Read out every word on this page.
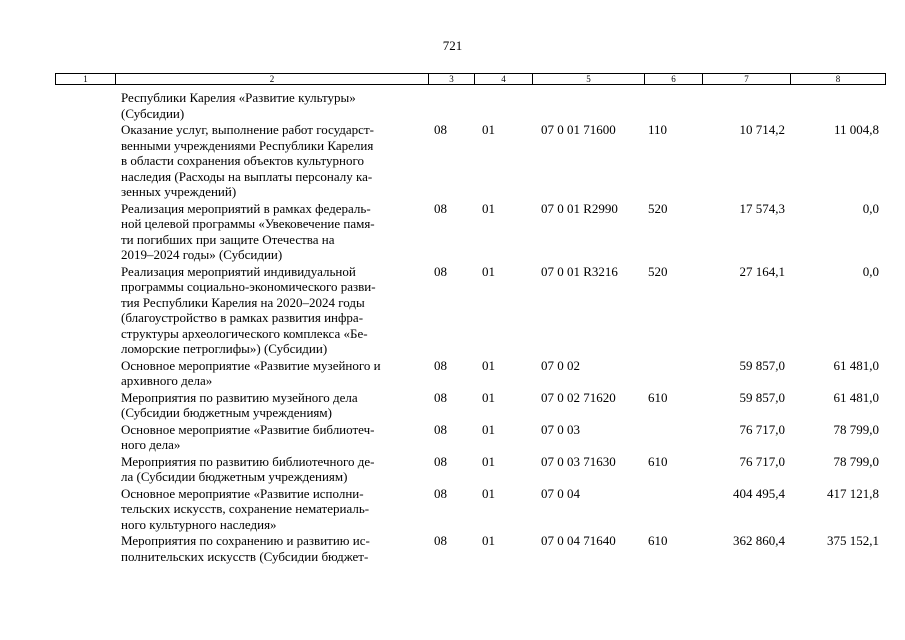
721
1	2	3	4	5	6	7	8
Республики Карелия «Развитие культуры»
(Субсидии)
Оказание услуг, выполнение работ государст-
венными учреждениями Республики Карелия
в области сохранения объектов культурного
наследия (Расходы на выплаты персоналу ка-
зенных учреждений)
08	01	07 0 01 71600 110	10 714,2	11 004,8
Реализация мероприятий в рамках федераль-
ной целевой программы «Увековечение памя-
ти погибших при защите Отечества на
2019–2024 годы» (Субсидии)
08	01	07 0 01 R2990 520	17 574,3	0,0
Реализация мероприятий индивидуальной
программы социально-экономического разви-
тия Республики Карелия на 2020–2024 годы
(благоустройство в рамках развития инфра-
структуры археологического комплекса «Бе-
ломорские петроглифы») (Субсидии)
08	01	07 0 01 R3216 520	27 164,1	0,0
Основное мероприятие «Развитие музейного и
архивного дела»
08	01	07 0 02	59 857,0	61 481,0
Мероприятия по развитию музейного дела
(Субсидии бюджетным учреждениям)
08	01	07 0 02 71620 610	59 857,0	61 481,0
Основное мероприятие «Развитие библиотеч-
ного дела»
08	01	07 0 03	76 717,0	78 799,0
Мероприятия по развитию библиотечного де-
ла (Субсидии бюджетным учреждениям)
08	01	07 0 03 71630 610	76 717,0	78 799,0
Основное мероприятие «Развитие исполни-
тельских искусств, сохранение нематериаль-
ного культурного наследия»
08	01	07 0 04	404 495,4	417 121,8
Мероприятия по сохранению и развитию ис-
полнительских искусств (Субсидии бюджет-
08	01	07 0 04 71640 610	362 860,4	375 152,1
